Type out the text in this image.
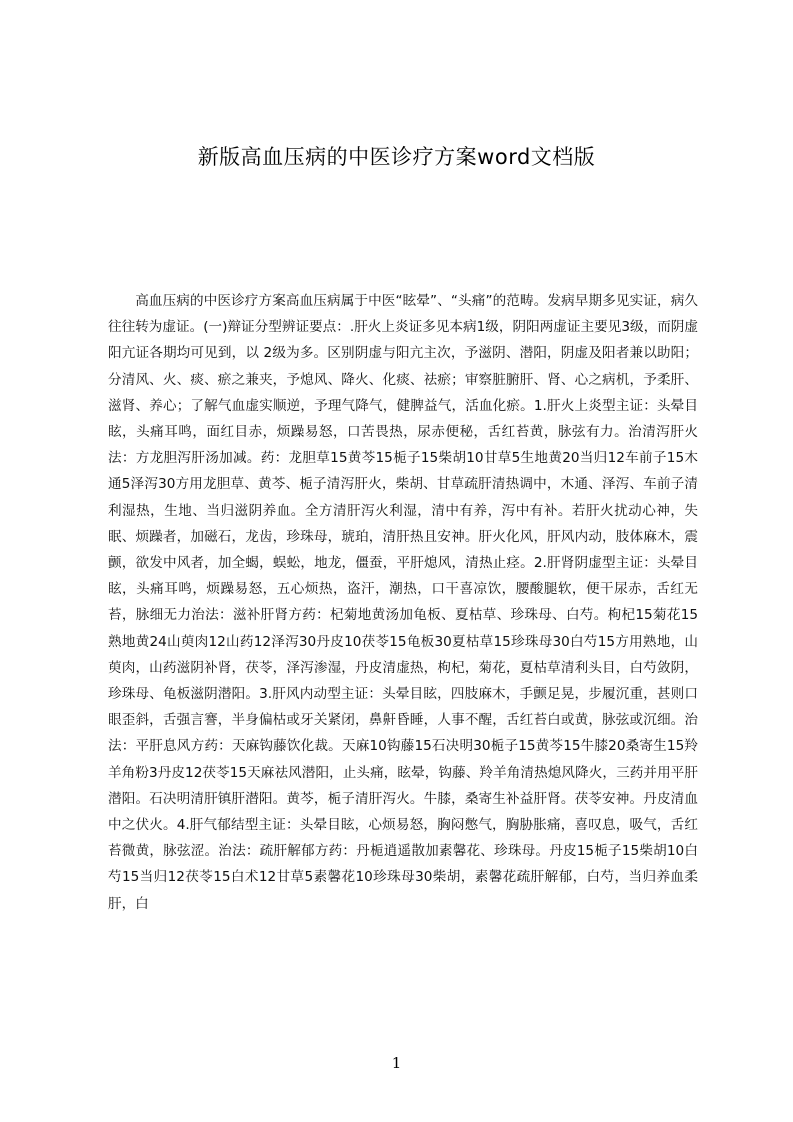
新版高血压病的中医诊疗方案word文档版

高血压病的中医诊疗方案高血压病属于中医“眩晕”、“头痛”的范畴。发病早期多见实证，病久往往转为虚证。(一)辩证分型辨证要点：.肝火上炎证多见本病1级，阴阳两虚证主要见3级，而阴虚阳亢证各期均可见到，以 2级为多。区别阴虚与阳亢主次，予滋阴、潜阳，阴虚及阳者兼以助阳；分清风、火、痰、瘀之兼夹，予熄风、降火、化痰、祛瘀；审察脏腑肝、肾、心之病机，予柔肝、滋肾、养心；了解气血虚实顺逆，予理气降气，健脾益气，活血化瘀。1.肝火上炎型主证：头晕目眩，头痛耳鸣，面红目赤，烦躁易怒，口苦畏热，尿赤便秘，舌红苔黄，脉弦有力。治清泻肝火法：方龙胆泻肝汤加减。药：龙胆草15黄芩15栀子15柴胡10甘草5生地黄20当归12车前子15木通5泽泻30方用龙胆草、黄芩、栀子清泻肝火，柴胡、甘草疏肝清热调中，木通、泽泻、车前子清利湿热，生地、当归滋阴养血。全方清肝泻火利湿，清中有养，泻中有补。若肝火扰动心神，失眠、烦躁者，加磁石，龙齿，珍珠母，琥珀，清肝热且安神。肝火化风，肝风内动，肢体麻木，震颤，欲发中风者，加全蝎，蜈蚣，地龙，僵蚕，平肝熄风，清热止痉。2.肝肾阴虚型主证：头晕目眩，头痛耳鸣，烦躁易怒，五心烦热，盗汗，潮热，口干喜凉饮，腰酸腿软，便干尿赤，舌红无苔，脉细无力治法：滋补肝肾方药：杞菊地黄汤加龟板、夏枯草、珍珠母、白芍。枸杞15菊花15熟地黄24山萸肉12山药12泽泻30丹皮10茯苓15龟板30夏枯草15珍珠母30白芍15方用熟地，山萸肉，山药滋阴补肾，茯苓，泽泻渗湿，丹皮清虚热，枸杞，菊花，夏枯草清利头目，白芍敛阴，珍珠母、龟板滋阴潜阳。3.肝风内动型主证：头晕目眩，四肢麻木，手颤足晃，步履沉重，甚则口眼歪斜，舌强言謇，半身偏枯或牙关紧闭，鼻鼾昏睡，人事不醒，舌红苔白或黄，脉弦或沉细。治法：平肝息风方药：天麻钩藤饮化裁。天麻10钩藤15石决明30栀子15黄芩15牛膝20桑寄生15羚羊角粉3丹皮12茯苓15天麻祛风潜阳，止头痛，眩晕，钩藤、羚羊角清热熄风降火，三药并用平肝潜阳。石决明清肝镇肝潜阳。黄芩，栀子清肝泻火。牛膝，桑寄生补益肝肾。茯苓安神。丹皮清血中之伏火。4.肝气郁结型主证：头晕目眩，心烦易怒，胸闷憋气，胸胁胀痛，喜叹息，吸气，舌红苔微黄，脉弦涩。治法：疏肝解郁方药：丹栀逍遥散加素馨花、珍珠母。丹皮15栀子15柴胡10白芍15当归12茯苓15白术12甘草5素馨花10珍珠母30柴胡，素馨花疏肝解郁，白芍，当归养血柔肝，白

1
